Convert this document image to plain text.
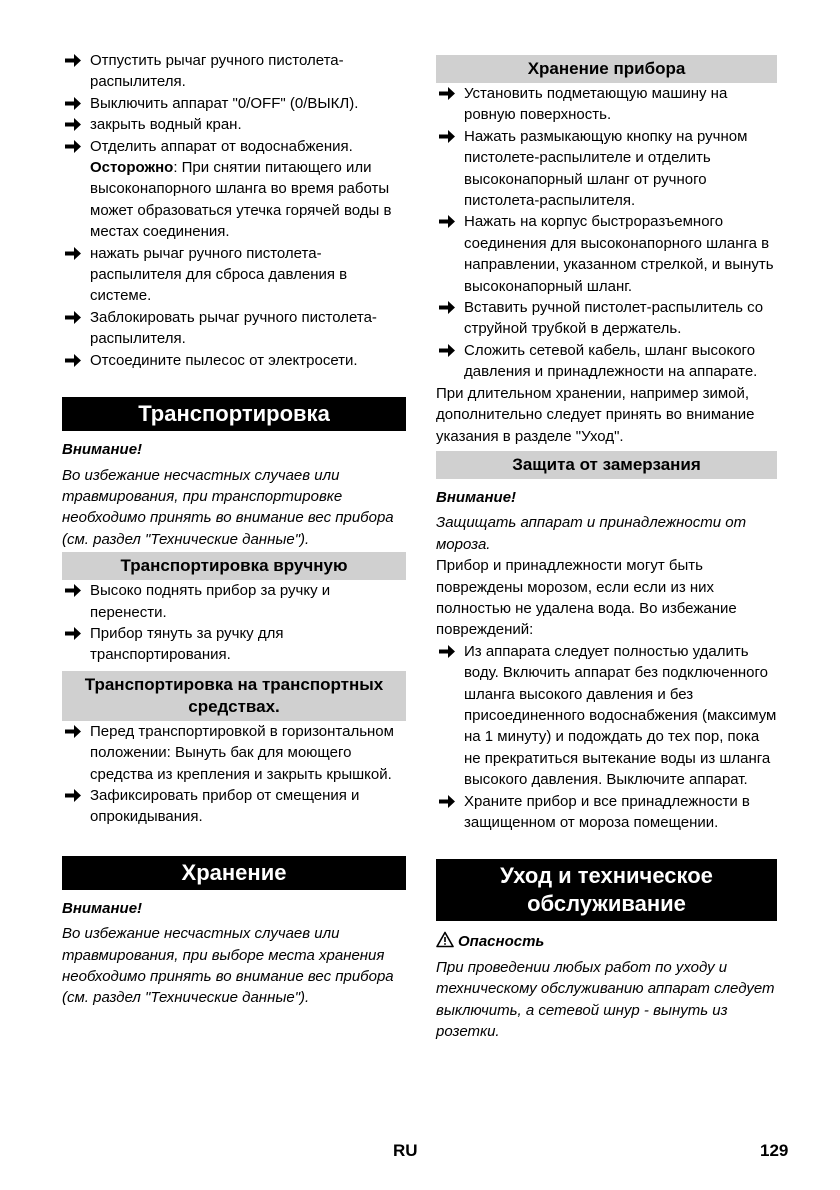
Отпустить рычаг ручного пистолета-распылителя.
Выключить аппарат "0/OFF" (0/ВЫКЛ).
закрыть водный кран.
Отделить аппарат от водоснабжения.
Осторожно: При снятии питающего или высоконапорного шланга во время работы может образоваться утечка горячей воды в местах соединения.
нажать рычаг ручного пистолета-распылителя для сброса давления в системе.
Заблокировать рычаг ручного пистолета-распылителя.
Отсоедините пылесос от электросети.
Транспортировка
Внимание!
Во избежание несчастных случаев или травмирования, при транспортировке необходимо принять во внимание вес прибора (см. раздел "Технические данные").
Транспортировка вручную
Высоко поднять прибор за ручку и перенести.
Прибор тянуть за ручку для транспортирования.
Транспортировка на транспортных средствах.
Перед транспортировкой в горизонтальном положении: Вынуть бак для моющего средства из крепления и закрыть крышкой.
Зафиксировать прибор от смещения и опрокидывания.
Хранение
Внимание!
Во избежание несчастных случаев или травмирования, при выборе места хранения необходимо принять во внимание вес прибора (см. раздел "Технические данные").
Хранение прибора
Установить подметающую машину на ровную поверхность.
Нажать размыкающую кнопку на ручном пистолете-распылителе и отделить высоконапорный шланг от ручного пистолета-распылителя.
Нажать на корпус быстроразъемного соединения для высоконапорного шланга в направлении, указанном стрелкой, и вынуть высоконапорный шланг.
Вставить ручной пистолет-распылитель со струйной трубкой в держатель.
Сложить сетевой кабель, шланг высокого давления и принадлежности на аппарате.
При длительном хранении, например зимой, дополнительно следует принять во внимание указания в разделе "Уход".
Защита от замерзания
Внимание!
Защищать аппарат и принадлежности от мороза.
Прибор и принадлежности могут быть повреждены морозом, если если из них полностью не удалена вода. Во избежание повреждений:
Из аппарата следует полностью удалить воду. Включить аппарат без подключенного шланга высокого давления и без присоединенного водоснабжения (максимум на 1 минуту) и подождать до тех пор, пока не прекратиться вытекание воды из шланга высокого давления. Выключите аппарат.
Храните прибор и все принадлежности в защищенном от мороза помещении.
Уход и техническое обслуживание
Опасность
При проведении любых работ по уходу и техническому обслуживанию аппарат следует выключить, а сетевой шнур - вынуть из розетки.
RU	129
